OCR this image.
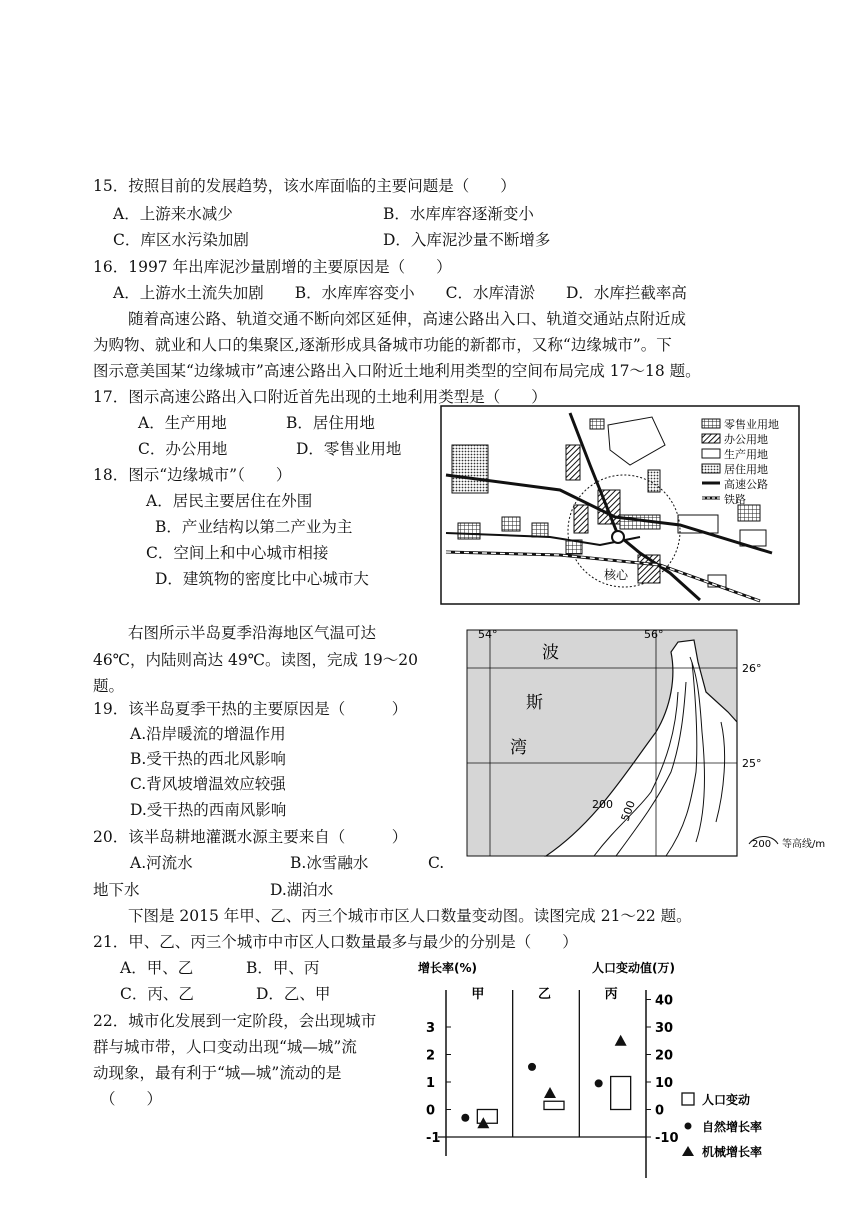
15．按照目前的发展趋势，该水库面临的主要问题是（　　）
A．上游来水减少	B．水库库容逐渐变小
C．库区水污染加剧	D．入库泥沙量不断增多
16．1997 年出库泥沙量剧增的主要原因是（　　）
A．上游水土流失加剧　　B．水库库容变小　　C．水库清淤　　D．水库拦截率高
随着高速公路、轨道交通不断向郊区延伸，高速公路出入口、轨道交通站点附近成
为购物、就业和人口的集聚区,逐渐形成具备城市功能的新都市，又称“边缘城市”。下
图示意美国某“边缘城市”高速公路出入口附近土地利用类型的空间布局完成 17～18 题。
17．图示高速公路出入口附近首先出现的土地利用类型是（　　）
A．生产用地	B．居住用地
C．办公用地	D．零售业用地
18．图示“边缘城市”（　　）
A．居民主要居住在外围
B．产业结构以第二产业为主
C．空间上和中心城市相接
D．建筑物的密度比中心城市大	核心
零售业用地
办公用地
生产用地
居住用地
高速公路
铁路
右图所示半岛夏季沿海地区气温可达
46℃，内陆则高达 49℃。读图，完成 19～20
题。
19．该半岛夏季干热的主要原因是（　　　）
A.沿岸暖流的增温作用
B.受干热的西北风影响
C.背风坡增温效应较强
D.受干热的西南风影响
20．该半岛耕地灌溉水源主要来自（　　　）
A.河流水	B.冰雪融水	C.
地下水	D.湖泊水
54°	56°
26°
25°
波
斯
湾
200 500
200 等高线/m
下图是 2015 年甲、乙、丙三个城市市区人口数量变动图。读图完成 21～22 题。
21．甲、乙、丙三个城市中市区人口数量最多与最少的分别是（　　）
A．甲、乙	B．甲、丙
C．丙、乙	D．乙、甲
22．城市化发展到一定阶段，会出现城市
群与城市带，人口变动出现“城—城”流
动现象，最有利于“城—城”流动的是
（　　）
增长率(%)	人口变动值(万)
3
2
1
0
-1
40
30
20
10
0
-10
甲	乙	丙
人口变动
自然增长率
机械增长率
